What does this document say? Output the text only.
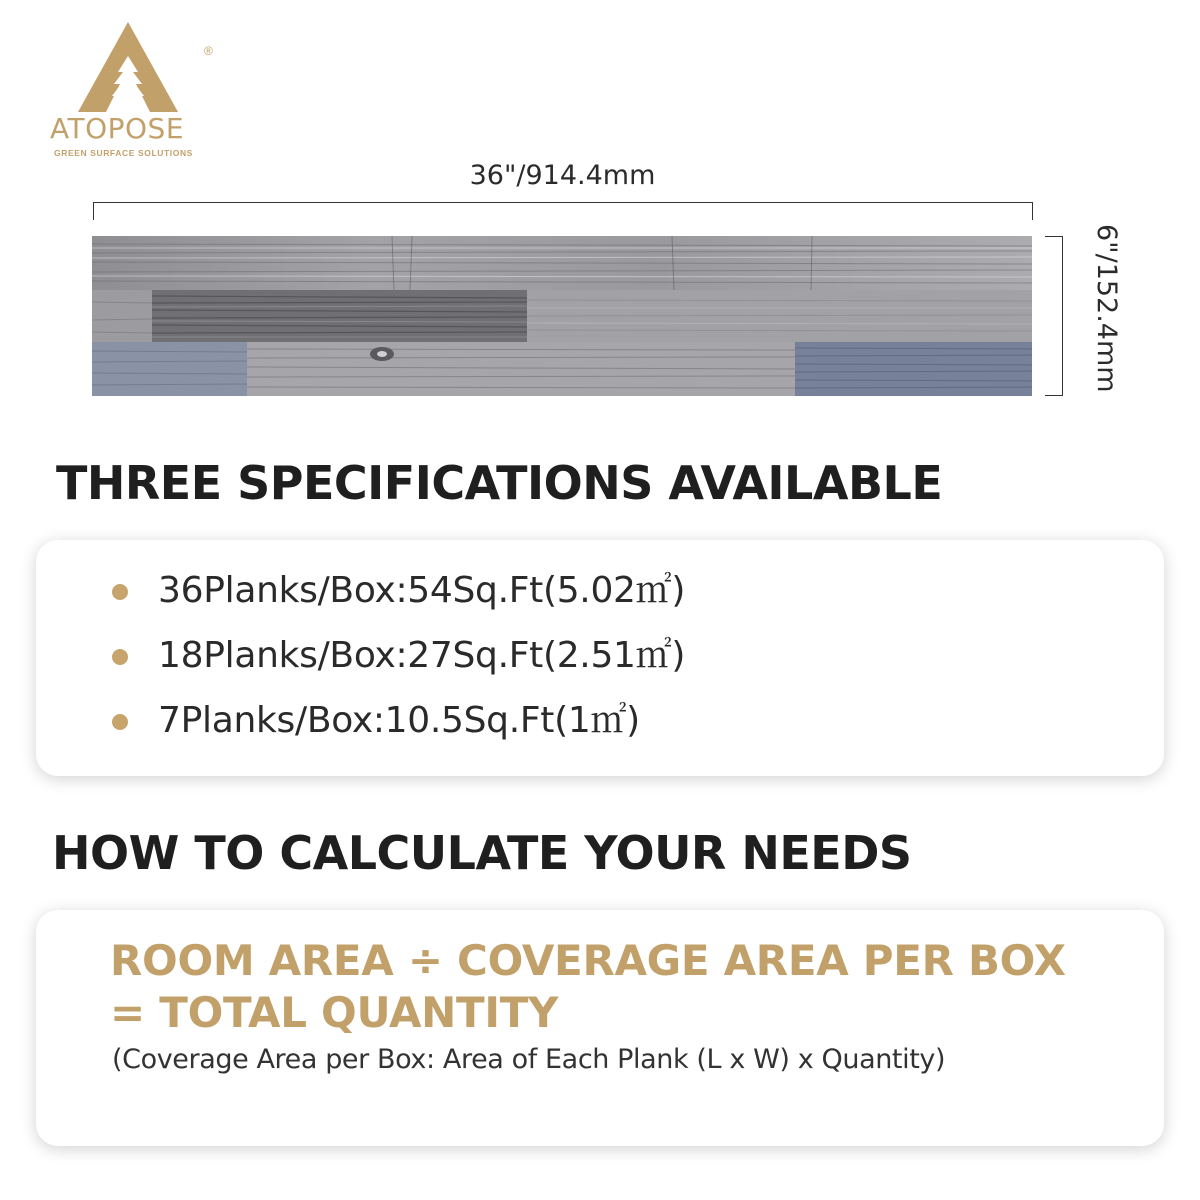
®
ATOPOSE
GREEN SURFACE SOLUTIONS
36"/914.4mm
6"/152.4mm
THREE SPECIFICATIONS AVAILABLE
36Planks/Box:54Sq.Ft(5.02㎡)
18Planks/Box:27Sq.Ft(2.51㎡)
7Planks/Box:10.5Sq.Ft(1㎡)
HOW TO CALCULATE YOUR NEEDS
ROOM AREA ÷ COVERAGE AREA PER BOX
= TOTAL QUANTITY
(Coverage Area per Box: Area of Each Plank (L x W) x Quantity)
